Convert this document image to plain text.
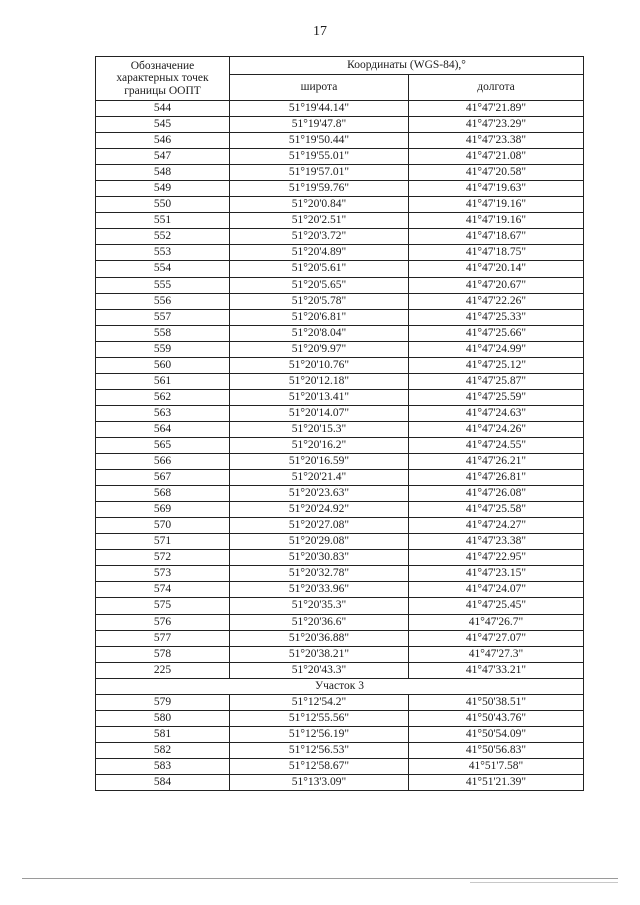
17
Обозначение
характерных точек
границы ООПТ	Координаты (WGS-84),°	
	широта	долгота
544	51°19'44.14"	41°47'21.89"
545	51°19'47.8"	41°47'23.29"
546	51°19'50.44"	41°47'23.38"
547	51°19'55.01"	41°47'21.08"
548	51°19'57.01"	41°47'20.58"
549	51°19'59.76"	41°47'19.63"
550	51°20'0.84"	41°47'19.16"
551	51°20'2.51"	41°47'19.16"
552	51°20'3.72"	41°47'18.67"
553	51°20'4.89"	41°47'18.75"
554	51°20'5.61"	41°47'20.14"
555	51°20'5.65"	41°47'20.67"
556	51°20'5.78"	41°47'22.26"
557	51°20'6.81"	41°47'25.33"
558	51°20'8.04"	41°47'25.66"
559	51°20'9.97"	41°47'24.99"
560	51°20'10.76"	41°47'25.12"
561	51°20'12.18"	41°47'25.87"
562	51°20'13.41"	41°47'25.59"
563	51°20'14.07"	41°47'24.63"
564	51°20'15.3"	41°47'24.26"
565	51°20'16.2"	41°47'24.55"
566	51°20'16.59"	41°47'26.21"
567	51°20'21.4"	41°47'26.81"
568	51°20'23.63"	41°47'26.08"
569	51°20'24.92"	41°47'25.58"
570	51°20'27.08"	41°47'24.27"
571	51°20'29.08"	41°47'23.38"
572	51°20'30.83"	41°47'22.95"
573	51°20'32.78"	41°47'23.15"
574	51°20'33.96"	41°47'24.07"
575	51°20'35.3"	41°47'25.45"
576	51°20'36.6"	41°47'26.7"
577	51°20'36.88"	41°47'27.07"
578	51°20'38.21"	41°47'27.3"
225	51°20'43.3"	41°47'33.21"
Участок 3		
579	51°12'54.2"	41°50'38.51"
580	51°12'55.56"	41°50'43.76"
581	51°12'56.19"	41°50'54.09"
582	51°12'56.53"	41°50'56.83"
583	51°12'58.67"	41°51'7.58"
584	51°13'3.09"	41°51'21.39"
